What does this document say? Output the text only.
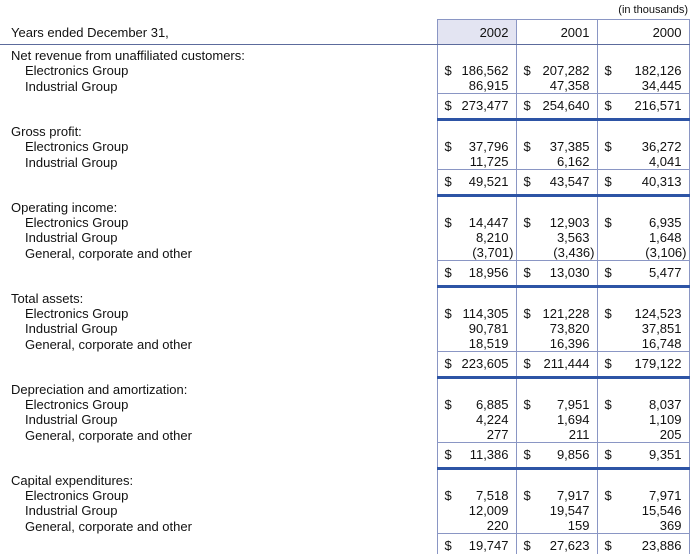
(in thousands)
Years ended December 31,	2002	2001	2000
Net revenue from unaffiliated customers:			
Electronics Group	$ 186,562	$ 207,282	$ 182,126

Industrial Group	86,915	47,358	34,445

	$ 273,477	$ 254,640	$ 216,571

Gross profit:			
Electronics Group	$ 37,796	$ 37,385	$ 36,272

Industrial Group	11,725	6,162	4,041

	$ 49,521	$ 43,547	$ 40,313

Operating income:			
Electronics Group	$ 14,447	$ 12,903	$ 6,935

Industrial Group	8,210	3,563	1,648

General, corporate and other	(3,701)	(3,436)	(3,106)

	$ 18,956	$ 13,030	$ 5,477

Total assets:			
Electronics Group	$ 114,305	$ 121,228	$ 124,523

Industrial Group	90,781	73,820	37,851

General, corporate and other	18,519	16,396	16,748

	$ 223,605	$ 211,444	$ 179,122

Depreciation and amortization:			
Electronics Group	$ 6,885	$ 7,951	$ 8,037

Industrial Group	4,224	1,694	1,109

General, corporate and other	277	211	205

	$ 11,386	$ 9,856	$ 9,351

Capital expenditures:			
Electronics Group	$ 7,518	$ 7,917	$ 7,971

Industrial Group	12,009	19,547	15,546

General, corporate and other	220	159	369

	$ 19,747	$ 27,623	$ 23,886
